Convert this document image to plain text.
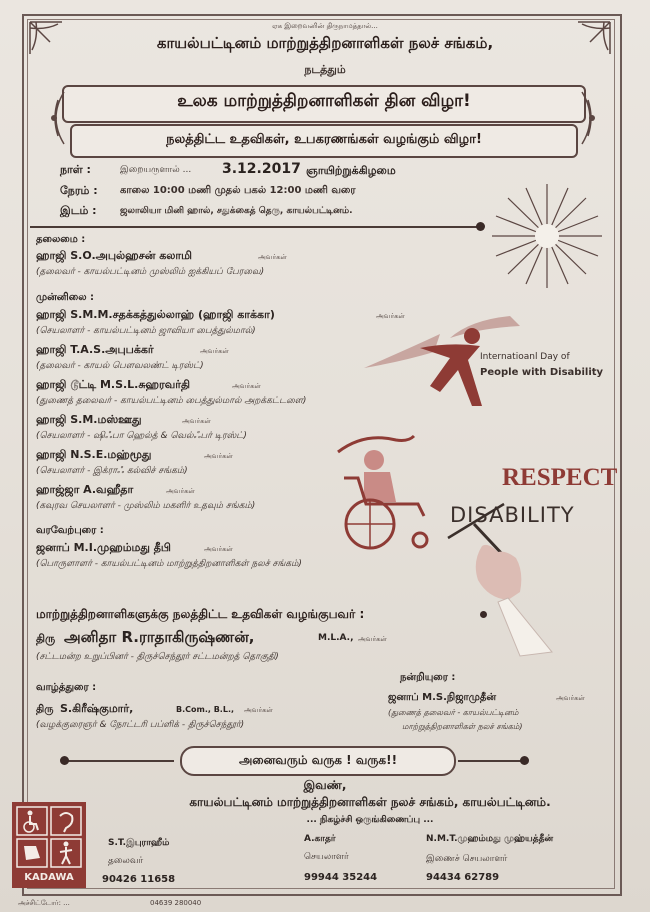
ஏக இறைவனின் திருநாமத்தால்...
காயல்பட்டினம் மாற்றுத்திறனாளிகள் நலச் சங்கம்,
நடத்தும்
உலக மாற்றுத்திறனாளிகள் தின விழா!
நலத்திட்ட உதவிகள், உபகரணங்கள் வழங்கும் விழா!
நாள் :	இறையருளால் ... 3.12.2017 ஞாயிற்றுக்கிழமை
நேரம் : காலை 10:00 மணி முதல் பகல் 12:00 மணி வரை
இடம் :	ஜலாலியா மினி ஹால், சதுக்கைத் தெரு, காயல்பட்டினம்.
தலைமை :
ஹாஜி S.O.அபுல்ஹசன் கலாமி	அவர்கள்
(தலைவர் - காயல்பட்டினம் முஸ்லிம் ஐக்கியப் பேரவை)
முன்னிலை :
ஹாஜி S.M.M.சதக்கத்துல்லாஹ் (ஹாஜி காக்கா)	அவர்கள்
(செயலாளர் - காயல்பட்டினம் ஜாவியா பைத்துல்மால்)
ஹாஜி T.A.S.அபுபக்கர்	அவர்கள்
(தலைவர் - காயல் பௌவலண்ட் டிரஸ்ட்)
ஹாஜி டூட்டி M.S.L.சுஹரவர்தி	அவர்கள்
(துணைத் தலைவர் - காயல்பட்டினம் பைத்துல்மால் அறக்கட்டளை)
ஹாஜி S.M.மஸ்ஊது	அவர்கள்
(செயலாளர் - ஷிஃபா ஹெல்த் & வெல்ஃபர் டிரஸ்ட்)
ஹாஜி N.S.E.மஹ்மூது	அவர்கள்
(செயலாளர் - இக்ராஃ கல்விச் சங்கம்)
ஹாஜ்ஜா A.வஹீதா	அவர்கள்
(கவுரவ செயலாளர் - முஸ்லிம் மகளிர் உதவும் சங்கம்)
வரவேற்புரை :
ஜனாப் M.I.முஹம்மது தீபி	அவர்கள்
(பொருளாளர் - காயல்பட்டினம் மாற்றுத்திறனாளிகள் நலச் சங்கம்)
Internatioanl Day of
People with Disability
RESPECT
DISABILITY
மாற்றுத்திறனாளிகளுக்கு நலத்திட்ட உதவிகள் வழங்குபவர் :
திரு அனிதா R.ராதாகிருஷ்ணன்,	M.L.A., அவர்கள்
(சட்டமன்ற உறுப்பினர் - திருச்செந்தூர் சட்டமன்றத் தொகுதி)
வாழ்த்துரை :
திரு S.கிரீஷ்குமார்,	B.Com., B.L., அவர்கள்
(வழக்குரைஞர் & நோட்டரி பப்ளிக் - திருச்செந்தூர்)
நன்றியுரை :
ஜனாப் M.S.நிஜாமுதீன்	அவர்கள்
(துணைத் தலைவர் - காயல்பட்டினம்
மாற்றுத்திறனாளிகள் நலச் சங்கம்)
அனைவரும் வருக ! வருக!!
இவண்,
காயல்பட்டினம் மாற்றுத்திறனாளிகள் நலச் சங்கம், காயல்பட்டினம்.
... நிகழ்ச்சி ஒருங்கிணைப்பு ...
KADAWA
S.T.இபுராஹீம்
தலைவர்
90426 11658
A.காதர்
செயலாளர்
99944 35244
N.M.T.முஹம்மது முஹ்யத்தீன்
இணைச் செயலாளர்
94434 62789
அச்சிட்டோர்: ...	04639 280040
